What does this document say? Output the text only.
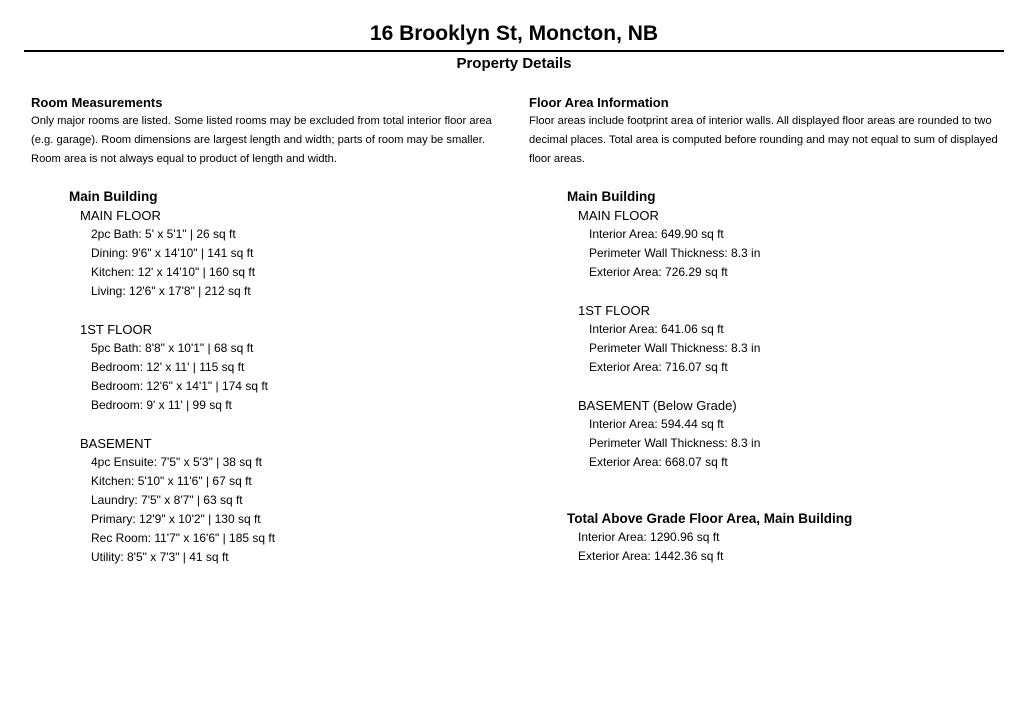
16 Brooklyn St, Moncton, NB
Property Details
Room Measurements
Only major rooms are listed. Some listed rooms may be excluded from total interior floor area
(e.g. garage). Room dimensions are largest length and width; parts of room may be smaller.
Room area is not always equal to product of length and width.
Main Building
MAIN FLOOR
2pc Bath: 5' x 5'1" | 26 sq ft
Dining: 9'6" x 14'10" | 141 sq ft
Kitchen: 12' x 14'10" | 160 sq ft
Living: 12'6" x 17'8" | 212 sq ft
1ST FLOOR
5pc Bath: 8'8" x 10'1" | 68 sq ft
Bedroom: 12' x 11' | 115 sq ft
Bedroom: 12'6" x 14'1" | 174 sq ft
Bedroom: 9' x 11' | 99 sq ft
BASEMENT
4pc Ensuite: 7'5" x 5'3" | 38 sq ft
Kitchen: 5'10" x 11'6" | 67 sq ft
Laundry: 7'5" x 8'7" | 63 sq ft
Primary: 12'9" x 10'2" | 130 sq ft
Rec Room: 11'7" x 16'6" | 185 sq ft
Utility: 8'5" x 7'3" | 41 sq ft
Floor Area Information
Floor areas include footprint area of interior walls. All displayed floor areas are rounded to two
decimal places. Total area is computed before rounding and may not equal to sum of displayed
floor areas.
Main Building
MAIN FLOOR
Interior Area: 649.90 sq ft
Perimeter Wall Thickness: 8.3 in
Exterior Area: 726.29 sq ft
1ST FLOOR
Interior Area: 641.06 sq ft
Perimeter Wall Thickness: 8.3 in
Exterior Area: 716.07 sq ft
BASEMENT (Below Grade)
Interior Area: 594.44 sq ft
Perimeter Wall Thickness: 8.3 in
Exterior Area: 668.07 sq ft
Total Above Grade Floor Area, Main Building
Interior Area: 1290.96 sq ft
Exterior Area: 1442.36 sq ft
